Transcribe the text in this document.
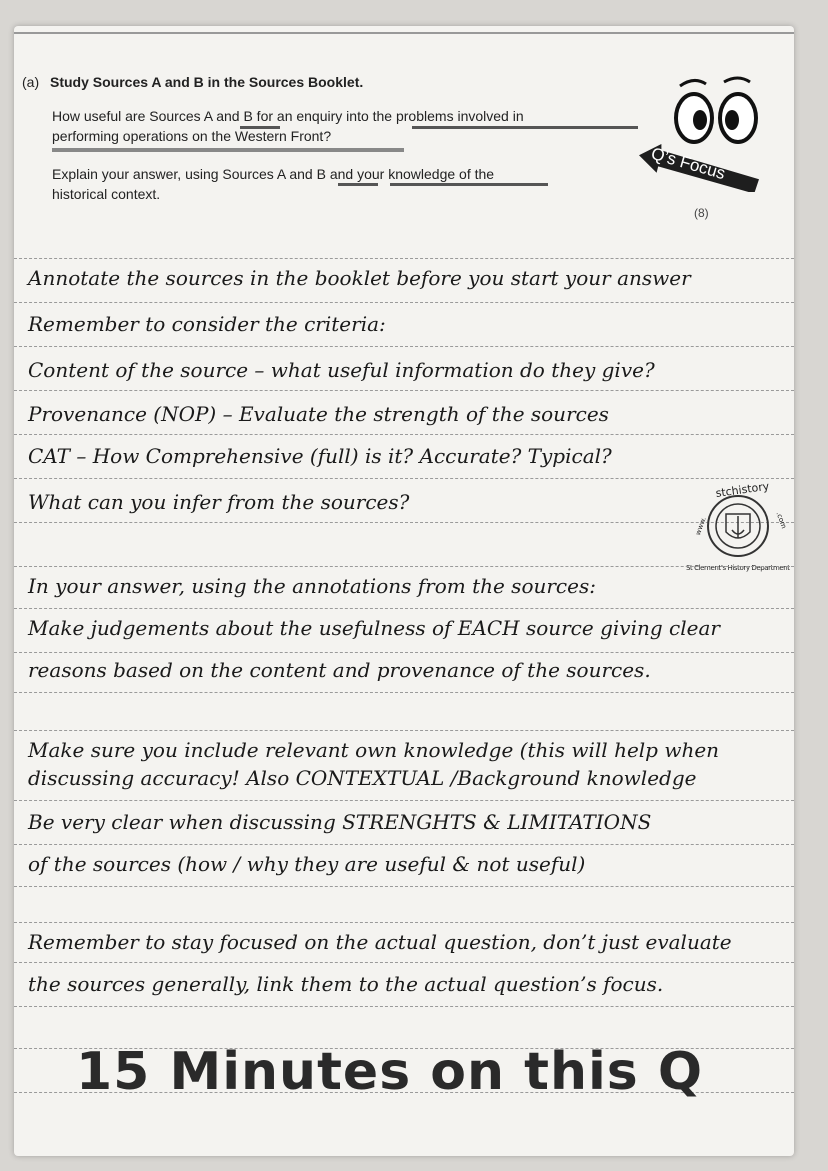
(a) Study Sources A and B in the Sources Booklet.
How useful are Sources A and B for an enquiry into the problems involved in
performing operations on the Western Front?
Explain your answer, using Sources A and B and your knowledge of the
historical context.
(8)
Q’s Focus
Annotate the sources in the booklet before you start your answer
Remember to consider the criteria:
Content of the source – what useful information do they give?
Provenance (NOP) – Evaluate the strength of the sources
CAT – How Comprehensive (full) is it? Accurate? Typical?
What can you infer from the sources?
stchistory
www.	.com
St Clement’s History Department
In your answer, using the annotations from the sources:
Make judgements about the usefulness of EACH source giving clear
reasons based on the content and provenance of the sources.
Make sure you include relevant own knowledge (this will help when
discussing accuracy! Also CONTEXTUAL /Background knowledge
Be very clear when discussing STRENGHTS & LIMITATIONS
of the sources (how / why they are useful & not useful)
Remember to stay focused on the actual question, don’t just evaluate
the sources generally, link them to the actual question’s focus.
15 Minutes on this Q
